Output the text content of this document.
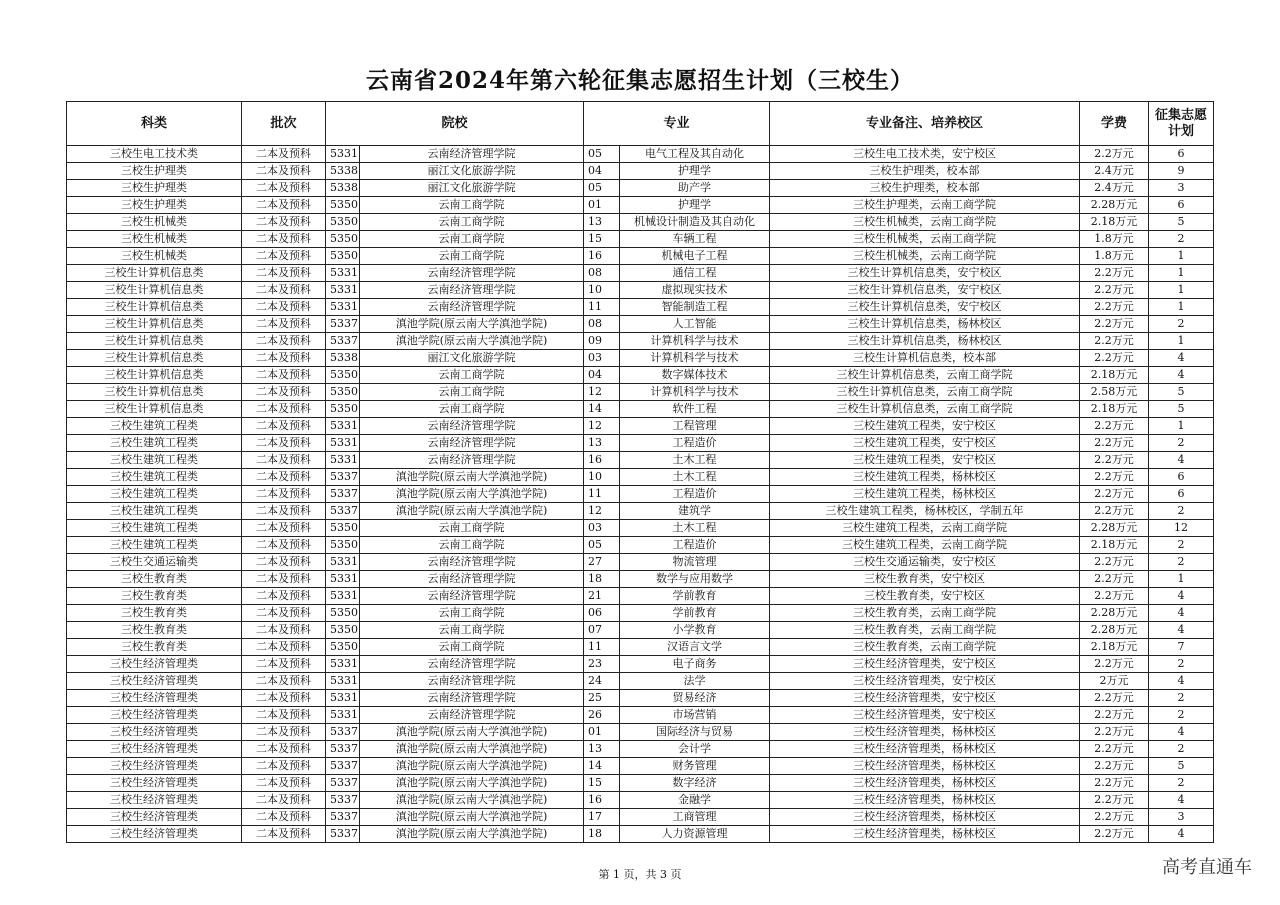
云南省2024年第六轮征集志愿招生计划（三校生）
科类	批次	院校		专业		专业备注、培养校区	学费	征集志愿计划
三校生电工技术类	二本及预科	5331	云南经济管理学院	05	电气工程及其自动化	三校生电工技术类，安宁校区	2.2万元	6
三校生护理类	二本及预科	5338	丽江文化旅游学院	04	护理学	三校生护理类，校本部	2.4万元	9
三校生护理类	二本及预科	5338	丽江文化旅游学院	05	助产学	三校生护理类，校本部	2.4万元	3
三校生护理类	二本及预科	5350	云南工商学院	01	护理学	三校生护理类，云南工商学院	2.28万元	6
三校生机械类	二本及预科	5350	云南工商学院	13	机械设计制造及其自动化	三校生机械类，云南工商学院	2.18万元	5
三校生机械类	二本及预科	5350	云南工商学院	15	车辆工程	三校生机械类，云南工商学院	1.8万元	2
三校生机械类	二本及预科	5350	云南工商学院	16	机械电子工程	三校生机械类，云南工商学院	1.8万元	1
三校生计算机信息类	二本及预科	5331	云南经济管理学院	08	通信工程	三校生计算机信息类，安宁校区	2.2万元	1
三校生计算机信息类	二本及预科	5331	云南经济管理学院	10	虚拟现实技术	三校生计算机信息类，安宁校区	2.2万元	1
三校生计算机信息类	二本及预科	5331	云南经济管理学院	11	智能制造工程	三校生计算机信息类，安宁校区	2.2万元	1
三校生计算机信息类	二本及预科	5337	滇池学院(原云南大学滇池学院)	08	人工智能	三校生计算机信息类，杨林校区	2.2万元	2
三校生计算机信息类	二本及预科	5337	滇池学院(原云南大学滇池学院)	09	计算机科学与技术	三校生计算机信息类，杨林校区	2.2万元	1
三校生计算机信息类	二本及预科	5338	丽江文化旅游学院	03	计算机科学与技术	三校生计算机信息类，校本部	2.2万元	4
三校生计算机信息类	二本及预科	5350	云南工商学院	04	数字媒体技术	三校生计算机信息类，云南工商学院	2.18万元	4
三校生计算机信息类	二本及预科	5350	云南工商学院	12	计算机科学与技术	三校生计算机信息类，云南工商学院	2.58万元	5
三校生计算机信息类	二本及预科	5350	云南工商学院	14	软件工程	三校生计算机信息类，云南工商学院	2.18万元	5
三校生建筑工程类	二本及预科	5331	云南经济管理学院	12	工程管理	三校生建筑工程类，安宁校区	2.2万元	1
三校生建筑工程类	二本及预科	5331	云南经济管理学院	13	工程造价	三校生建筑工程类，安宁校区	2.2万元	2
三校生建筑工程类	二本及预科	5331	云南经济管理学院	16	土木工程	三校生建筑工程类，安宁校区	2.2万元	4
三校生建筑工程类	二本及预科	5337	滇池学院(原云南大学滇池学院)	10	土木工程	三校生建筑工程类，杨林校区	2.2万元	6
三校生建筑工程类	二本及预科	5337	滇池学院(原云南大学滇池学院)	11	工程造价	三校生建筑工程类，杨林校区	2.2万元	6
三校生建筑工程类	二本及预科	5337	滇池学院(原云南大学滇池学院)	12	建筑学	三校生建筑工程类，杨林校区，学制五年	2.2万元	2
三校生建筑工程类	二本及预科	5350	云南工商学院	03	土木工程	三校生建筑工程类，云南工商学院	2.28万元	12
三校生建筑工程类	二本及预科	5350	云南工商学院	05	工程造价	三校生建筑工程类，云南工商学院	2.18万元	2
三校生交通运输类	二本及预科	5331	云南经济管理学院	27	物流管理	三校生交通运输类，安宁校区	2.2万元	2
三校生教育类	二本及预科	5331	云南经济管理学院	18	数学与应用数学	三校生教育类，安宁校区	2.2万元	1
三校生教育类	二本及预科	5331	云南经济管理学院	21	学前教育	三校生教育类，安宁校区	2.2万元	4
三校生教育类	二本及预科	5350	云南工商学院	06	学前教育	三校生教育类，云南工商学院	2.28万元	4
三校生教育类	二本及预科	5350	云南工商学院	07	小学教育	三校生教育类，云南工商学院	2.28万元	4
三校生教育类	二本及预科	5350	云南工商学院	11	汉语言文学	三校生教育类，云南工商学院	2.18万元	7
三校生经济管理类	二本及预科	5331	云南经济管理学院	23	电子商务	三校生经济管理类，安宁校区	2.2万元	2
三校生经济管理类	二本及预科	5331	云南经济管理学院	24	法学	三校生经济管理类，安宁校区	2万元	4
三校生经济管理类	二本及预科	5331	云南经济管理学院	25	贸易经济	三校生经济管理类，安宁校区	2.2万元	2
三校生经济管理类	二本及预科	5331	云南经济管理学院	26	市场营销	三校生经济管理类，安宁校区	2.2万元	2
三校生经济管理类	二本及预科	5337	滇池学院(原云南大学滇池学院)	01	国际经济与贸易	三校生经济管理类，杨林校区	2.2万元	4
三校生经济管理类	二本及预科	5337	滇池学院(原云南大学滇池学院)	13	会计学	三校生经济管理类，杨林校区	2.2万元	2
三校生经济管理类	二本及预科	5337	滇池学院(原云南大学滇池学院)	14	财务管理	三校生经济管理类，杨林校区	2.2万元	5
三校生经济管理类	二本及预科	5337	滇池学院(原云南大学滇池学院)	15	数字经济	三校生经济管理类，杨林校区	2.2万元	2
三校生经济管理类	二本及预科	5337	滇池学院(原云南大学滇池学院)	16	金融学	三校生经济管理类，杨林校区	2.2万元	4
三校生经济管理类	二本及预科	5337	滇池学院(原云南大学滇池学院)	17	工商管理	三校生经济管理类，杨林校区	2.2万元	3
三校生经济管理类	二本及预科	5337	滇池学院(原云南大学滇池学院)	18	人力资源管理	三校生经济管理类，杨林校区	2.2万元	4
第 1 页，共 3 页	高考直通车
